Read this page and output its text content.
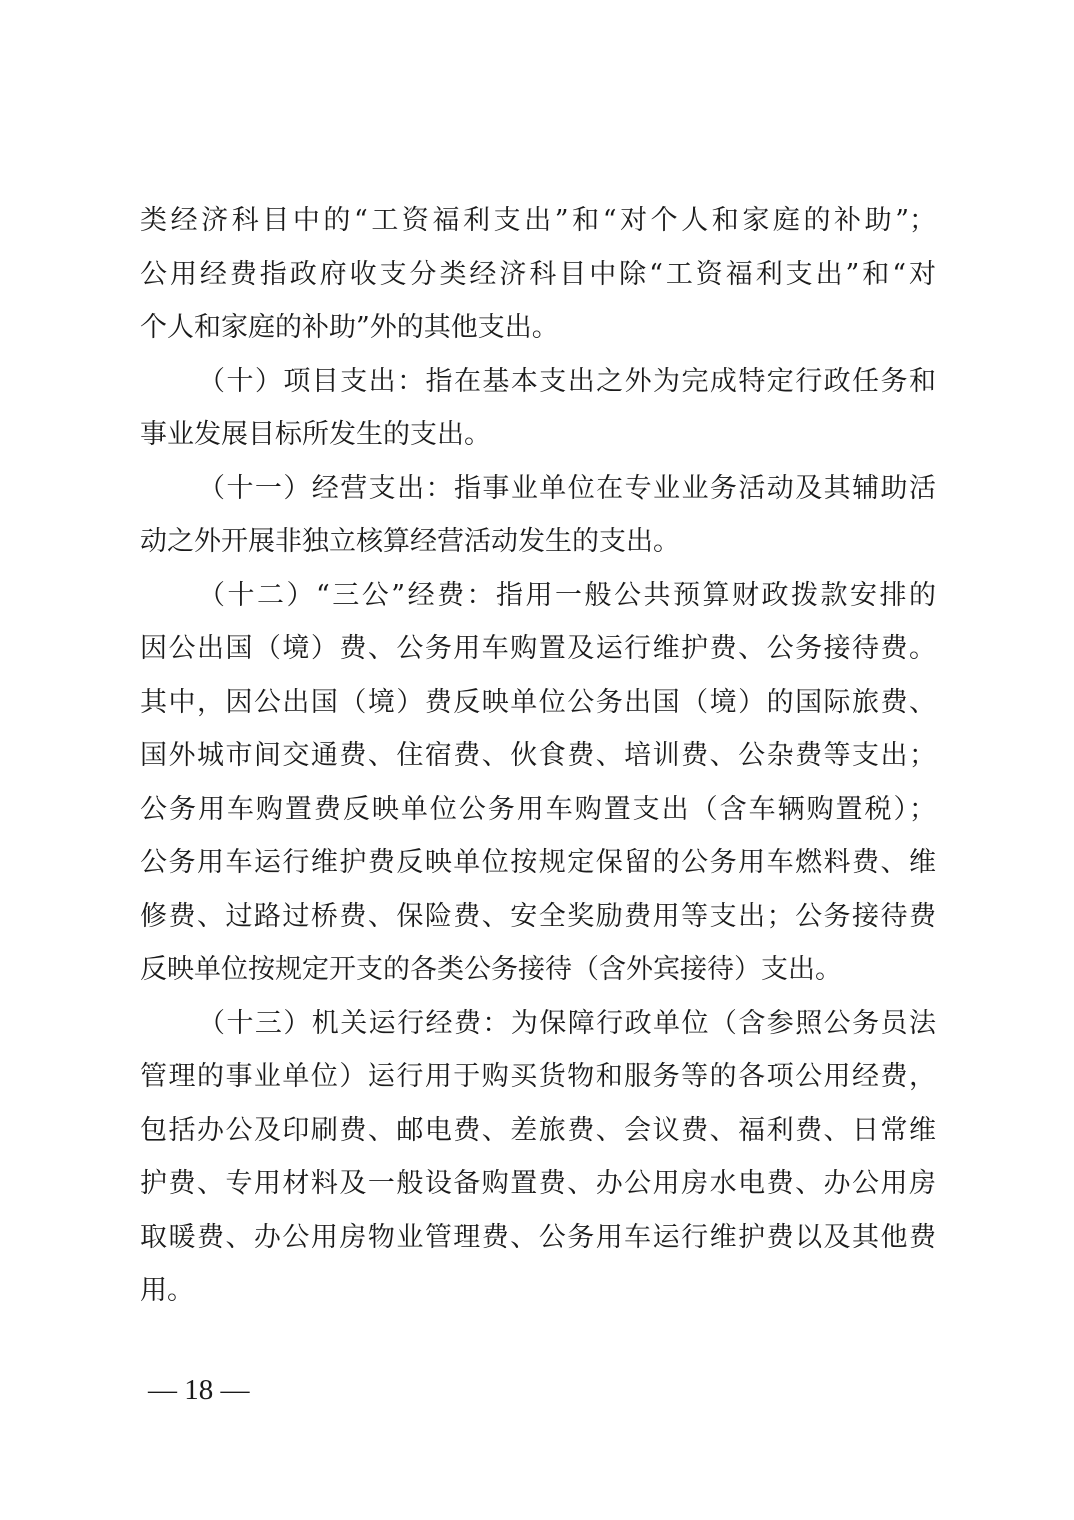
类经济科目中的“工资福利支出”和“对个人和家庭的补助”；
公用经费指政府收支分类经济科目中除“工资福利支出”和“对
个人和家庭的补助”外的其他支出。
（十）项目支出：指在基本支出之外为完成特定行政任务和
事业发展目标所发生的支出。
（十一）经营支出：指事业单位在专业业务活动及其辅助活
动之外开展非独立核算经营活动发生的支出。
（十二）“三公”经费：指用一般公共预算财政拨款安排的
因公出国（境）费、公务用车购置及运行维护费、公务接待费。
其中，因公出国（境）费反映单位公务出国（境）的国际旅费、
国外城市间交通费、住宿费、伙食费、培训费、公杂费等支出；
公务用车购置费反映单位公务用车购置支出（含车辆购置税）；
公务用车运行维护费反映单位按规定保留的公务用车燃料费、维
修费、过路过桥费、保险费、安全奖励费用等支出；公务接待费
反映单位按规定开支的各类公务接待（含外宾接待）支出。
（十三）机关运行经费：为保障行政单位（含参照公务员法
管理的事业单位）运行用于购买货物和服务等的各项公用经费，
包括办公及印刷费、邮电费、差旅费、会议费、福利费、日常维
护费、专用材料及一般设备购置费、办公用房水电费、办公用房
取暖费、办公用房物业管理费、公务用车运行维护费以及其他费
用。
— 18 —
